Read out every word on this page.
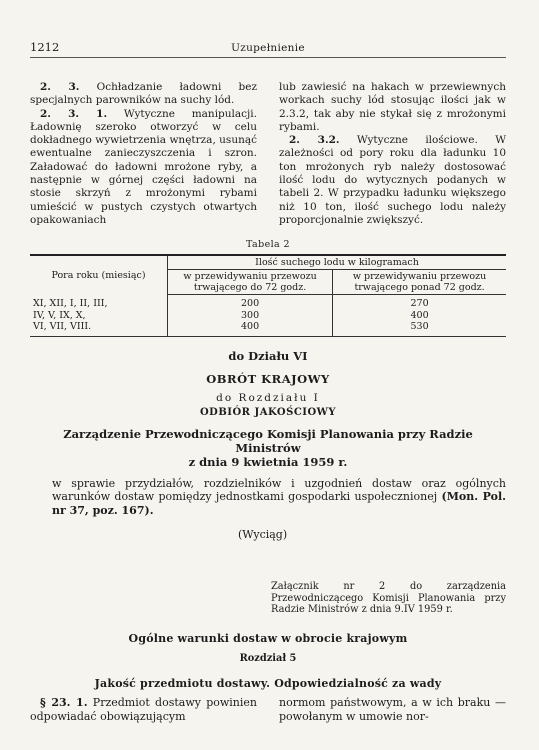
1212	Uzupełnienie

2. 3. Ochładzanie ładowni bez specjalnych parowników na suchy lód.

2. 3. 1. Wytyczne manipulacji. Ładownię szeroko otworzyć w celu dokładnego wywietrzenia wnętrza, usunąć ewentualne zanieczyszczenia i szron. Załadować do ładowni mrożone ryby, a następnie w górnej części ładowni na stosie skrzyń z mrożonymi rybami umieścić w pustych czystych otwartych opakowaniach

lub zawiesić na hakach w przewiewnych workach suchy lód stosując ilości jak w 2.3.2, tak aby nie stykał się z mrożonymi rybami.

2. 3.2. Wytyczne ilościowe. W zależności od pory roku dla ładunku 10 ton mrożonych ryb należy dostosować ilość lodu do wytycznych podanych w tabeli 2. W przypadku ładunku większego niż 10 ton, ilość suchego lodu należy proporcjonalnie zwiększyć.

Tabela 2
Pora roku (miesiąc)	Ilość suchego lodu w kilogramach	
	w przewidywaniu przewozu trwającego do 72 godz.	w przewidywaniu przewozu trwającego ponad 72 godz.
XI, XII, I, II, III,	200	270
IV, V, IX, X,	300	400
VI, VII, VIII.	400	530
do Działu VI
OBRÓT KRAJOWY
do Rozdziału I
ODBIÓR JAKOŚCIOWY
Zarządzenie Przewodniczącego Komisji Planowania przy Radzie Ministrów
z dnia 9 kwietnia 1959 r.
w sprawie przydziałów, rozdzielników i uzgodnień dostaw oraz ogólnych warunków dostaw pomiędzy jednostkami gospodarki uspołecznionej (Mon. Pol. nr 37, poz. 167).
(Wyciąg)
Załącznik nr 2 do zarządzenia Przewodniczącego Komisji Planowania przy Radzie Ministrów z dnia 9.IV 1959 r.
Ogólne warunki dostaw w obrocie krajowym
Rozdział 5
Jakość przedmiotu dostawy. Odpowiedzialność za wady

§ 23. 1. Przedmiot dostawy powinien odpowiadać obowiązującym

normom państwowym, a w ich braku — powołanym w umowie nor-
